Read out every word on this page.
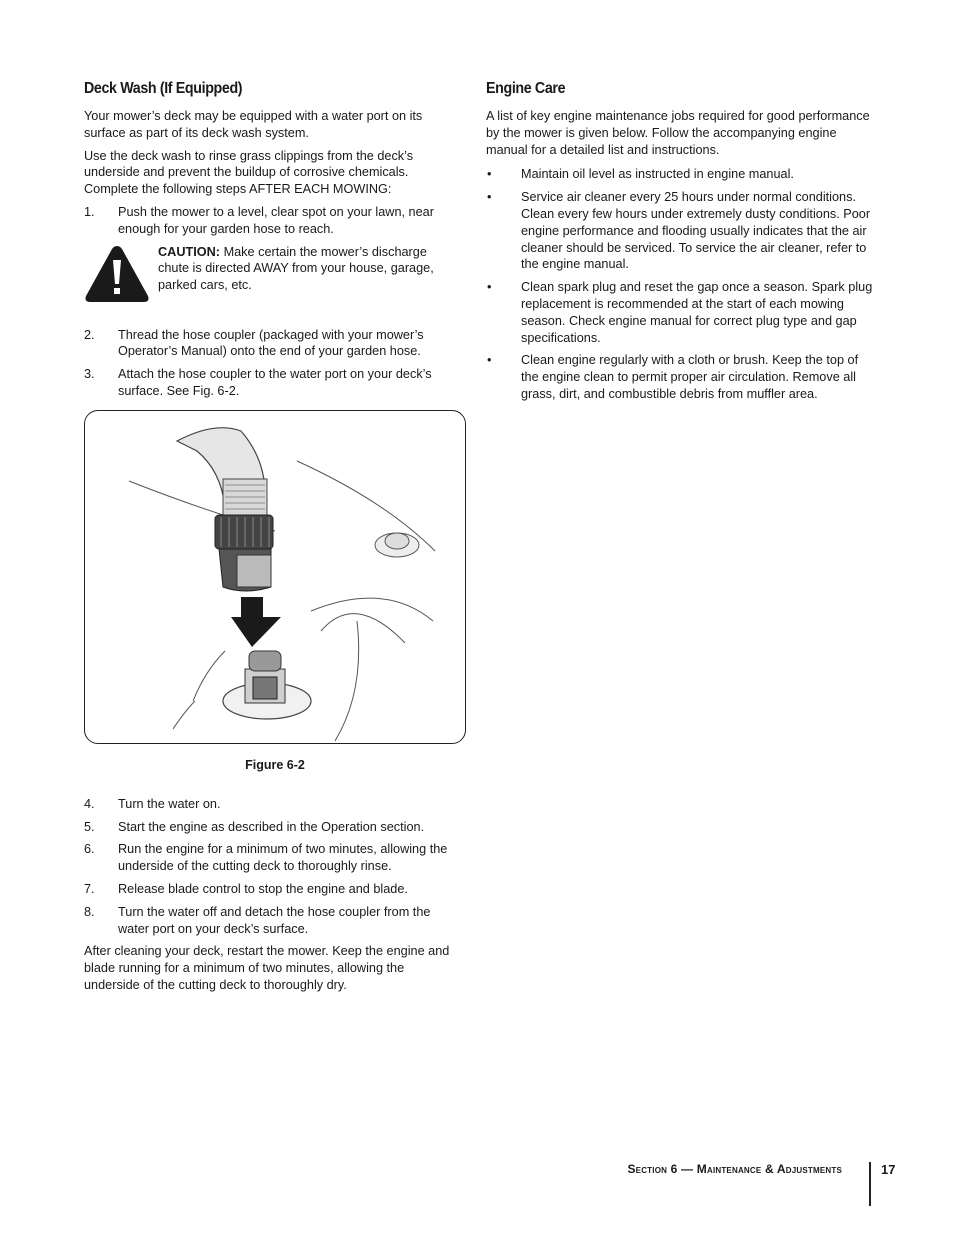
Deck Wash (If Equipped)

Your mower’s deck may be equipped with a water port on its surface as part of its deck wash system.

Use the deck wash to rinse grass clippings from the deck’s underside and prevent the buildup of corrosive chemicals. Complete the following steps AFTER EACH MOWING:

1.	Push the mower to a level, clear spot on your lawn, near enough for your garden hose to reach.
CAUTION: Make certain the mower’s discharge chute is directed AWAY from your house, garage, parked cars, etc.
2.	Thread the hose coupler (packaged with your mower’s Operator’s Manual) onto the end of your garden hose.
3.	Attach the hose coupler to the water port on your deck’s surface. See Fig. 6-2.
Figure 6-2
4.	Turn the water on.
5.	Start the engine as described in the Operation section.
6.	Run the engine for a minimum of two minutes, allowing the underside of the cutting deck to thoroughly rinse.
7.	Release blade control to stop the engine and blade.
8.	Turn the water off and detach the hose coupler from the water port on your deck’s surface.

After cleaning your deck, restart the mower. Keep the engine and blade running for a minimum of two minutes, allowing the underside of the cutting deck to thoroughly dry.

Engine Care

A list of key engine maintenance jobs required for good performance by the mower is given below. Follow the accompanying engine manual for a detailed list and instructions.

•	Maintain oil level as instructed in engine manual.
•	Service air cleaner every 25 hours under normal conditions. Clean every few hours under extremely dusty conditions. Poor engine performance and flooding usually indicates that the air cleaner should be serviced. To service the air cleaner, refer to the engine manual.
•	Clean spark plug and reset the gap once a season. Spark plug replacement is recommended at the start of each mowing season. Check engine manual for correct plug type and gap specifications.
•	Clean engine regularly with a cloth or brush. Keep the top of the engine clean to permit proper air circulation. Remove all grass, dirt, and combustible debris from muffler area.
Section 6 — Maintenance & Adjustments	17
